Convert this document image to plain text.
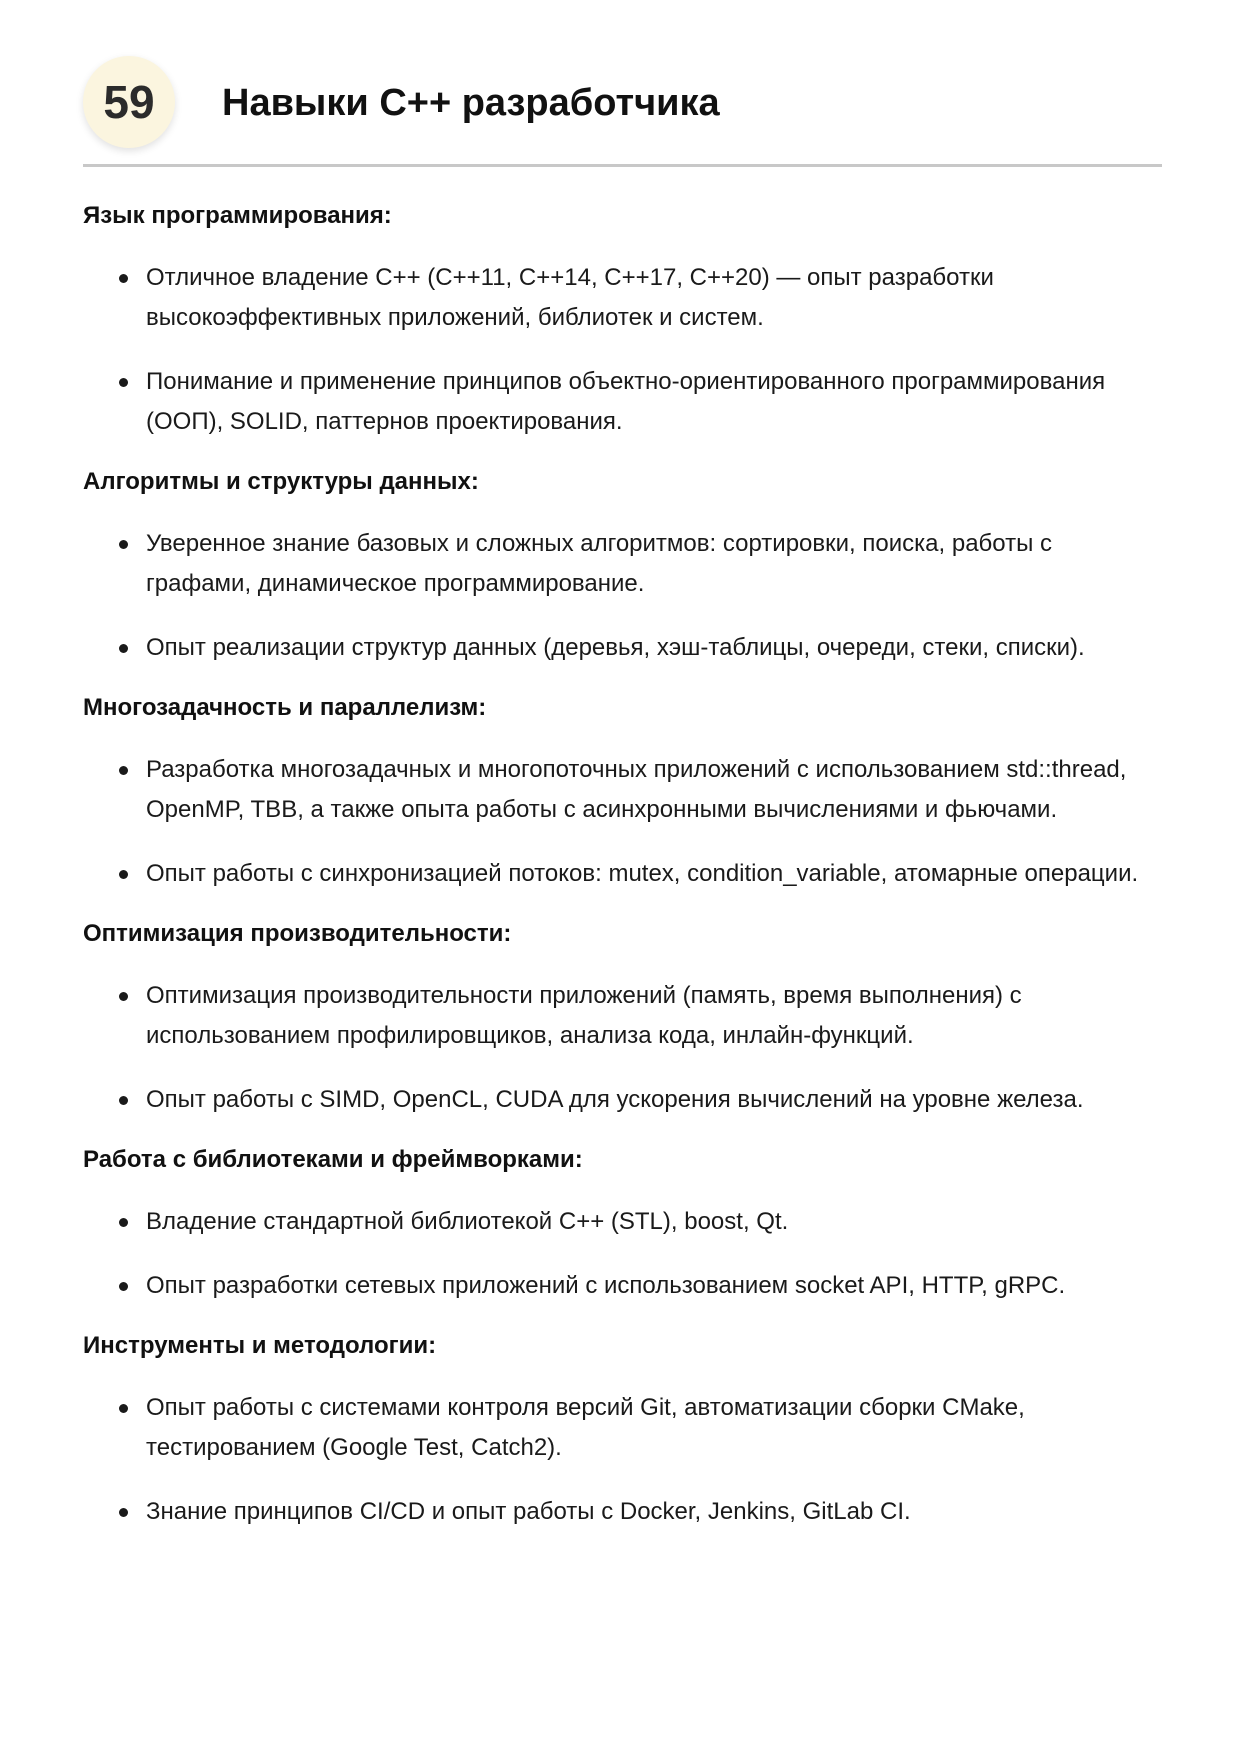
59	Навыки C++ разработчика
Язык программирования:
Отличное владение C++ (C++11, C++14, C++17, C++20) — опыт разработки высокоэффективных приложений, библиотек и систем.
Понимание и применение принципов объектно-ориентированного программирования (ООП), SOLID, паттернов проектирования.
Алгоритмы и структуры данных:
Уверенное знание базовых и сложных алгоритмов: сортировки, поиска, работы с графами, динамическое программирование.
Опыт реализации структур данных (деревья, хэш-таблицы, очереди, стеки, списки).
Многозадачность и параллелизм:
Разработка многозадачных и многопоточных приложений с использованием std::thread, OpenMP, TBB, а также опыта работы с асинхронными вычислениями и фьючами.
Опыт работы с синхронизацией потоков: mutex, condition_variable, атомарные операции.
Оптимизация производительности:
Оптимизация производительности приложений (память, время выполнения) с использованием профилировщиков, анализа кода, инлайн-функций.
Опыт работы с SIMD, OpenCL, CUDA для ускорения вычислений на уровне железа.
Работа с библиотеками и фреймворками:
Владение стандартной библиотекой C++ (STL), boost, Qt.
Опыт разработки сетевых приложений с использованием socket API, HTTP, gRPC.
Инструменты и методологии:
Опыт работы с системами контроля версий Git, автоматизации сборки CMake, тестированием (Google Test, Catch2).
Знание принципов CI/CD и опыт работы с Docker, Jenkins, GitLab CI.
